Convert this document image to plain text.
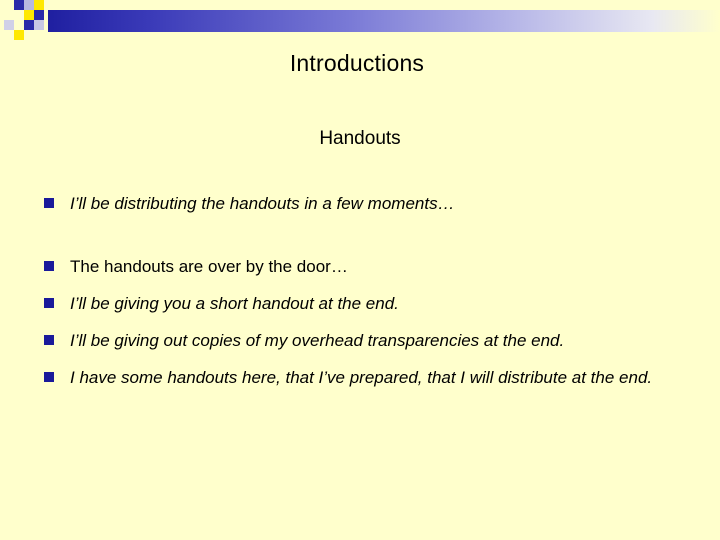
Introductions
Handouts
I’ll be distributing the handouts in a few moments…
The handouts are over by the door…
I’ll be giving you a short handout at the end.
I’ll be giving out copies of my overhead transparencies at the end.
I have some handouts here, that I’ve prepared, that I will distribute at the end.
